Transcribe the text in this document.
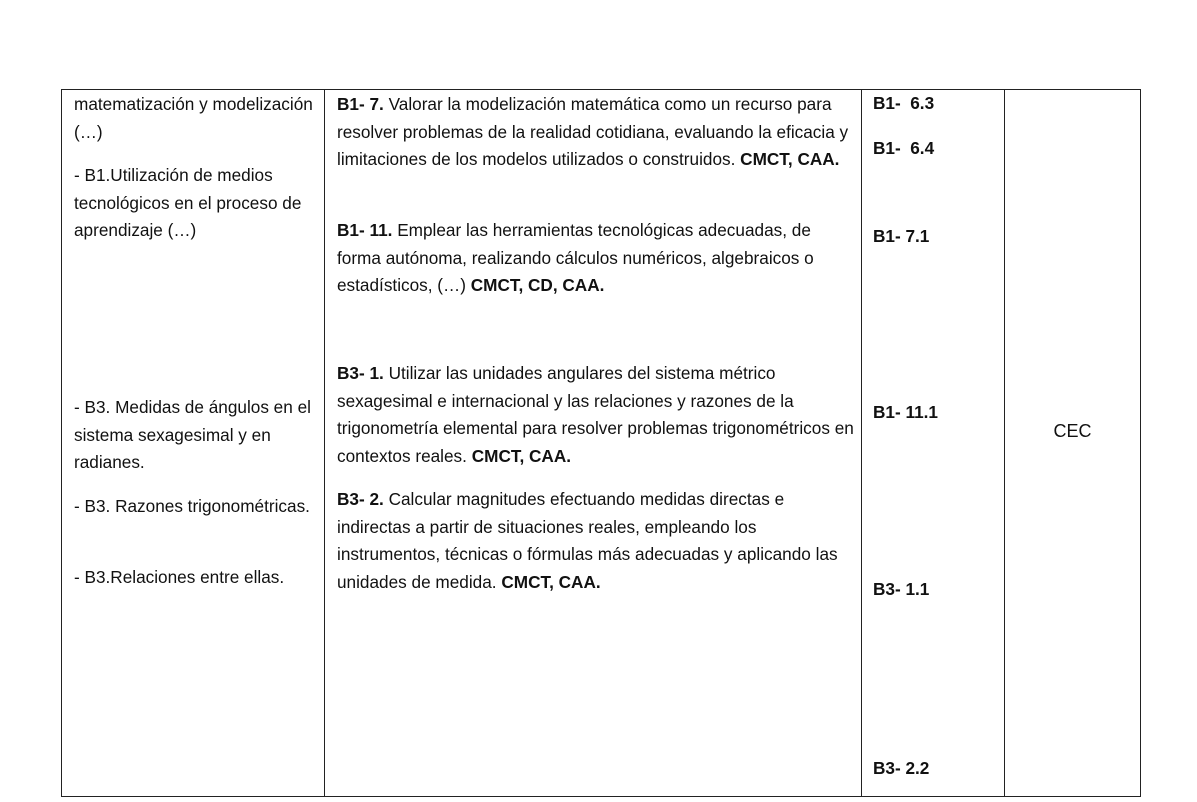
matematización y modelización (…)

- B1.Utilización de medios tecnológicos en el proceso de aprendizaje (…)

- B3. Medidas de ángulos en el sistema sexagesimal y en radianes.

- B3. Razones trigonométricas.

- B3.Relaciones entre ellas.

B1- 7. Valorar la modelización matemática como un recurso para resolver problemas de la realidad cotidiana, evaluando la eficacia y limitaciones de los modelos utilizados o construidos. CMCT, CAA.

B1- 11. Emplear las herramientas tecnológicas adecuadas, de forma autónoma, realizando cálculos numéricos, algebraicos o estadísticos, (…) CMCT, CD, CAA.

B3- 1. Utilizar las unidades angulares del sistema métrico sexagesimal e internacional y las relaciones y razones de la trigonometría elemental para resolver problemas trigonométricos en contextos reales. CMCT, CAA.

B3- 2. Calcular magnitudes efectuando medidas directas e indirectas a partir de situaciones reales, empleando los instrumentos, técnicas o fórmulas más adecuadas y aplicando las unidades de medida. CMCT, CAA.

B1-  6.3

B1-  6.4

B1- 7.1

B1- 11.1

B3- 1.1

B3- 2.2

CEC
